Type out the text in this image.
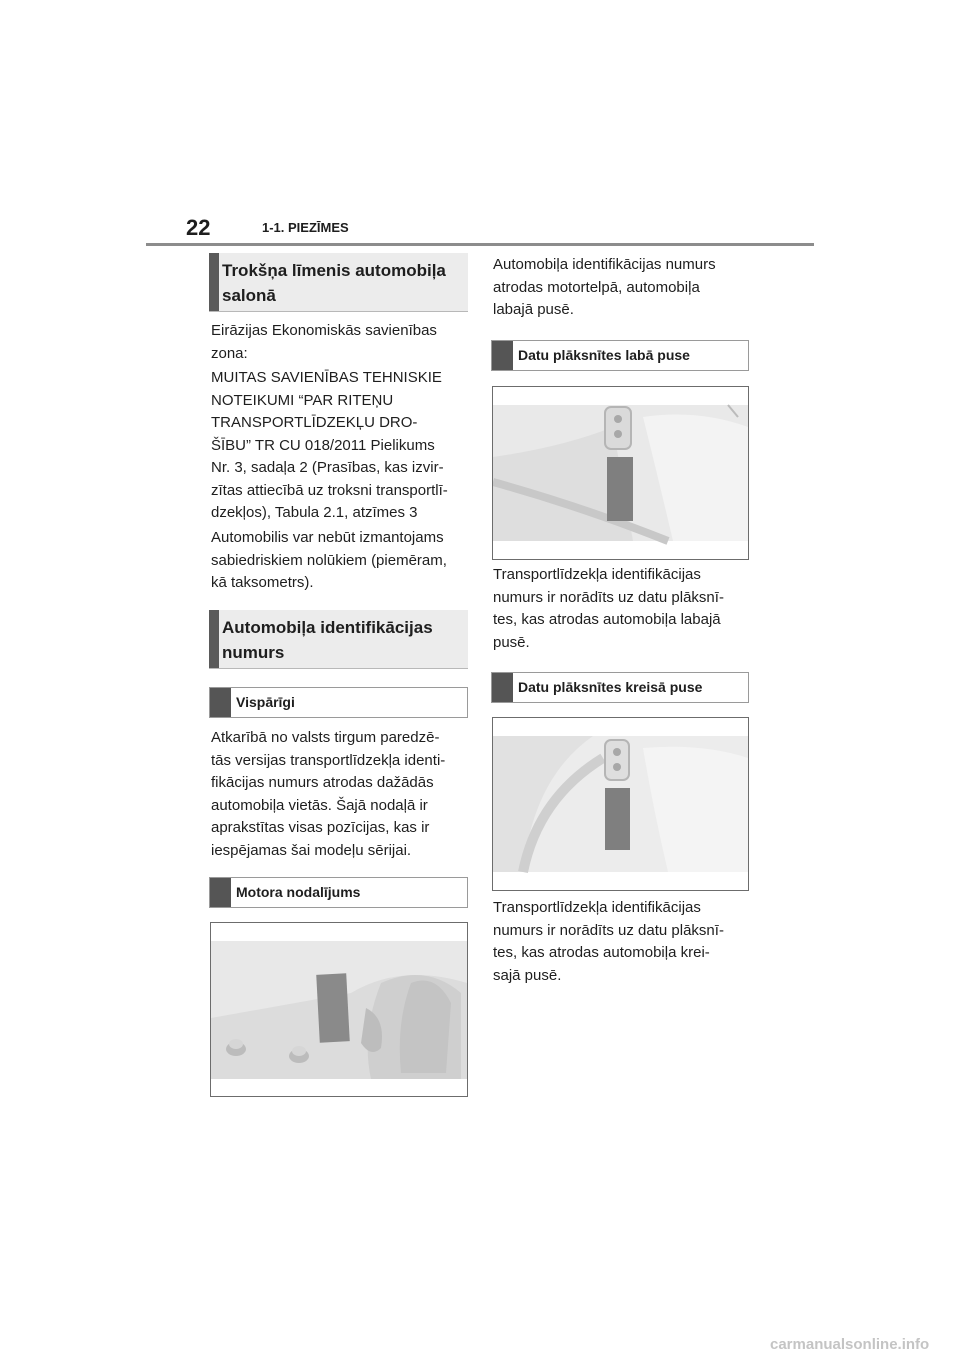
22	1-1. PIEZĪMES
Trokšņa līmenis automobiļa
salonā

Eirāzijas Ekonomiskās savienības

zona:

MUITAS SAVIENĪBAS TEHNISKIE

NOTEIKUMI “PAR RITEŅU

TRANSPORTLĪDZEKĻU DRO-

ŠĪBU” TR CU 018/2011 Pielikums

Nr. 3, sadaļa 2 (Prasības, kas izvir-

zītas attiecībā uz troksni transportlī-

dzekļos), Tabula 2.1, atzīmes 3

Automobilis var nebūt izmantojams

sabiedriskiem nolūkiem (piemēram,

kā taksometrs).

Automobiļa identifikācijas
numurs
Vispārīgi

Atkarībā no valsts tirgum paredzē-

tās versijas transportlīdzekļa identi-

fikācijas numurs atrodas dažādās

automobiļa vietās. Šajā nodaļā ir

aprakstītas visas pozīcijas, kas ir

iespējamas šai modeļu sērijai.

Motora nodalījums

Automobiļa identifikācijas numurs

atrodas motortelpā, automobiļa

labajā pusē.

Datu plāksnītes labā puse

Transportlīdzekļa identifikācijas

numurs ir norādīts uz datu plāksnī-

tes, kas atrodas automobiļa labajā

pusē.

Datu plāksnītes kreisā puse

Transportlīdzekļa identifikācijas

numurs ir norādīts uz datu plāksnī-

tes, kas atrodas automobiļa krei-

sajā pusē.

carmanualsonline.info
